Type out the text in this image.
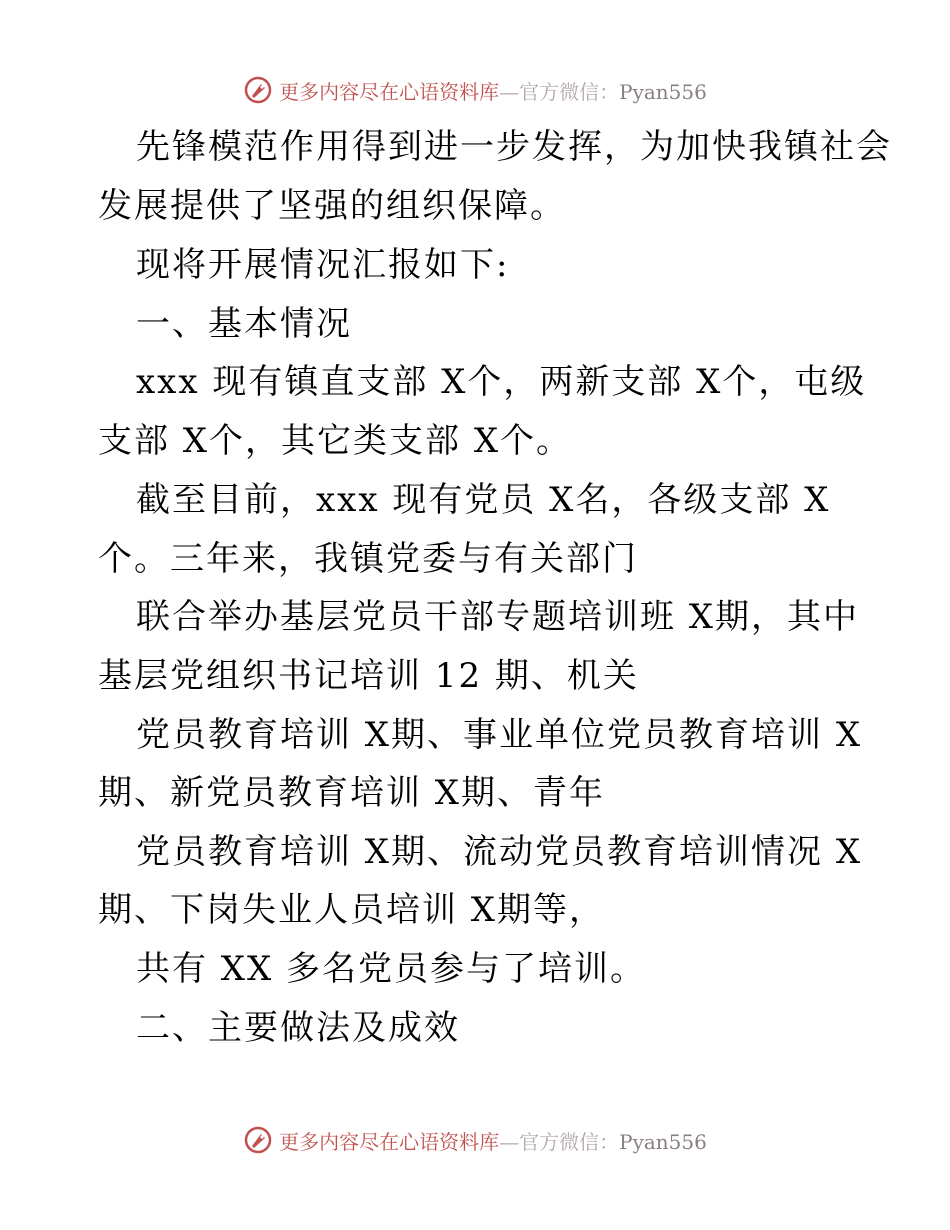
更多内容尽在心语资料库—官方微信：Pyan556
先锋模范作用得到进一步发挥，为加快我镇社会
发展提供了坚强的组织保障。
现将开展情况汇报如下:
一、基本情况
xxx 现有镇直支部 X个，两新支部 X个，屯级
支部 X个，其它类支部 X个。
截至目前，xxx 现有党员 X名，各级支部 X
个。三年来，我镇党委与有关部门
联合举办基层党员干部专题培训班 X期，其中
基层党组织书记培训 12 期、机关
党员教育培训 X期、事业单位党员教育培训 X
期、新党员教育培训 X期、青年
党员教育培训 X期、流动党员教育培训情况 X
期、下岗失业人员培训 X期等，
共有 XX 多名党员参与了培训。
二、主要做法及成效
更多内容尽在心语资料库—官方微信：Pyan556
